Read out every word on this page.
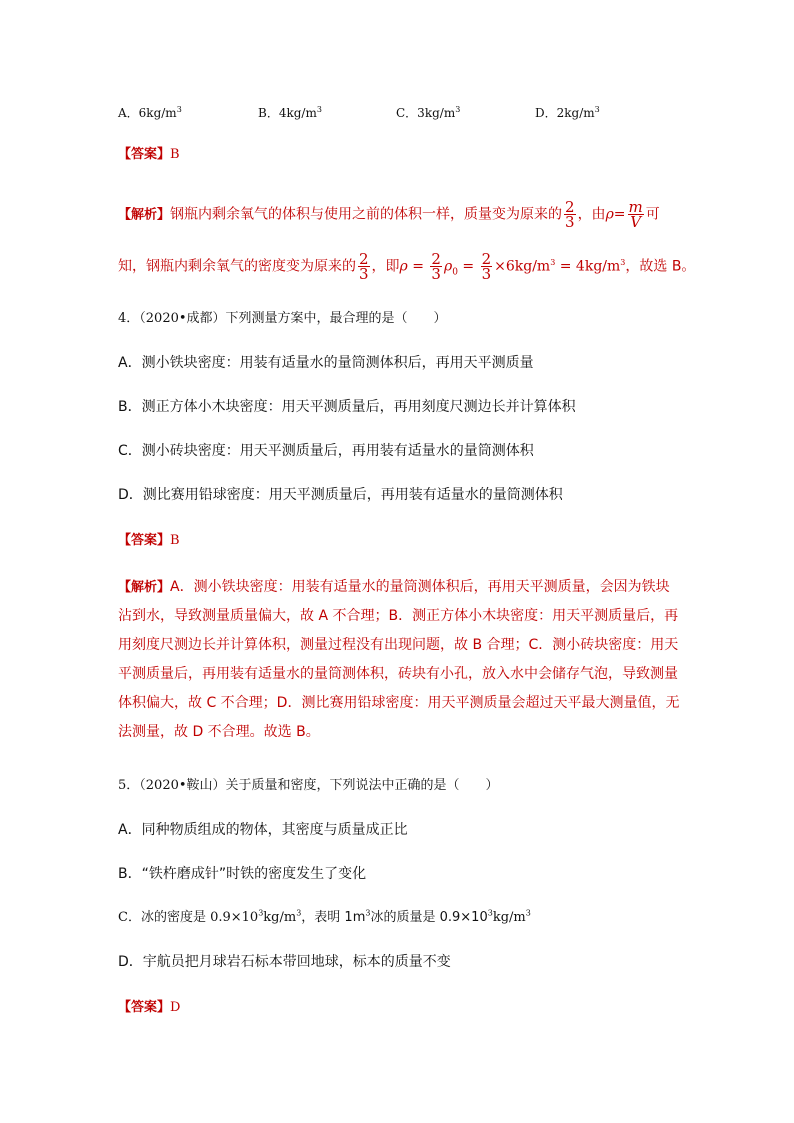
A．$6kg/m^3$	B．$4kg/m^3$	C．$3kg/m^3$	D．$2kg/m^3$
【答案】B
【解析】钢瓶内剩余氧气的体积与使用之前的体积一样，质量变为原来的 $\frac{2}{3}$ ，由$\rho= \frac{m}{V}$ 可
知，钢瓶内剩余氧气的密度变为原来的 $\frac{2}{3}$ ，即$\rho = \frac{2}{3} \rho_0 = \frac{2}{3} \times 6kg/m^3 = 4kg/m^3$，故选 B。
4．（2020•成都）下列测量方案中，最合理的是（　　）
A．测小铁块密度：用装有适量水的量筒测体积后，再用天平测质量
B．测正方体小木块密度：用天平测质量后，再用刻度尺测边长并计算体积
C．测小砖块密度：用天平测质量后，再用装有适量水的量筒测体积
D．测比赛用铅球密度：用天平测质量后，再用装有适量水的量筒测体积
【答案】B
【解析】A．测小铁块密度：用装有适量水的量筒测体积后，再用天平测质量，会因为铁块
沾到水，导致测量质量偏大，故 A 不合理；B．测正方体小木块密度：用天平测质量后，再
用刻度尺测边长并计算体积，测量过程没有出现问题，故 B 合理；C．测小砖块密度：用天
平测质量后，再用装有适量水的量筒测体积，砖块有小孔，放入水中会储存气泡，导致测量
体积偏大，故 C 不合理；D．测比赛用铅球密度：用天平测质量会超过天平最大测量值，无
法测量，故 D 不合理。故选 B。
5．（2020•鞍山）关于质量和密度，下列说法中正确的是（　　）
A．同种物质组成的物体，其密度与质量成正比
B．“铁杵磨成针”时铁的密度发生了变化
C．冰的密度是 $0.9\times 10^3kg/m^3$，表明 $1m^3$冰的质量是 $0.9\times 10^3kg/m^3$
D．宇航员把月球岩石标本带回地球，标本的质量不变
【答案】D
